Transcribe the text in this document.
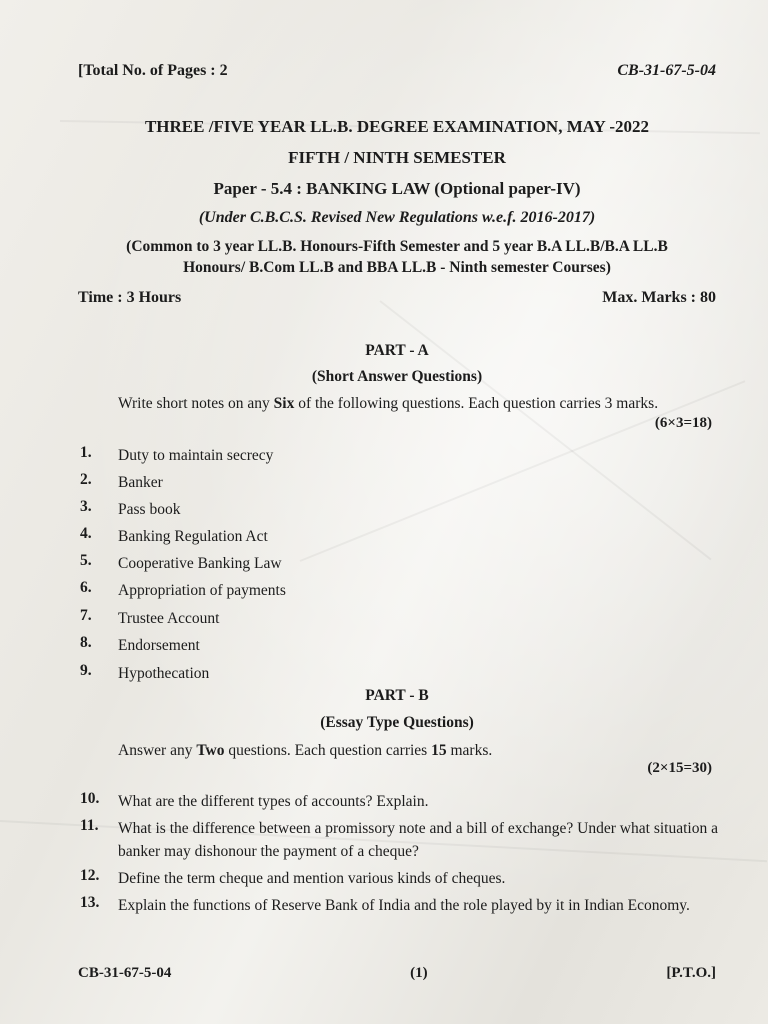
[Total No. of Pages : 2	CB-31-67-5-04
THREE /FIVE YEAR LL.B. DEGREE EXAMINATION, MAY -2022
FIFTH / NINTH SEMESTER
Paper - 5.4 : BANKING LAW (Optional paper-IV)
(Under C.B.C.S. Revised New Regulations w.e.f. 2016-2017)
(Common to 3 year LL.B. Honours-Fifth Semester and 5 year B.A LL.B/B.A LL.B
Honours/ B.Com LL.B and BBA LL.B - Ninth semester Courses)
Time : 3 Hours	Max. Marks : 80
PART - A
(Short Answer Questions)
Write short notes on any Six of the following questions. Each question carries 3 marks.
(6×3=18)
1.	Duty to maintain secrecy
2.	Banker
3.	Pass book
4.	Banking Regulation Act
5.	Cooperative Banking Law
6.	Appropriation of payments
7.	Trustee Account
8.	Endorsement
9.	Hypothecation
PART - B
(Essay Type Questions)
Answer any Two questions. Each question carries 15 marks.
(2×15=30)
10.	What are the different types of accounts? Explain.
11.	What is the difference between a promissory note and a bill of exchange? Under what situation a banker may dishonour the payment of a cheque?
12.	Define the term cheque and mention various kinds of cheques.
13.	Explain the functions of Reserve Bank of India and the role played by it in Indian Economy.
CB-31-67-5-04	(1)	[P.T.O.]
